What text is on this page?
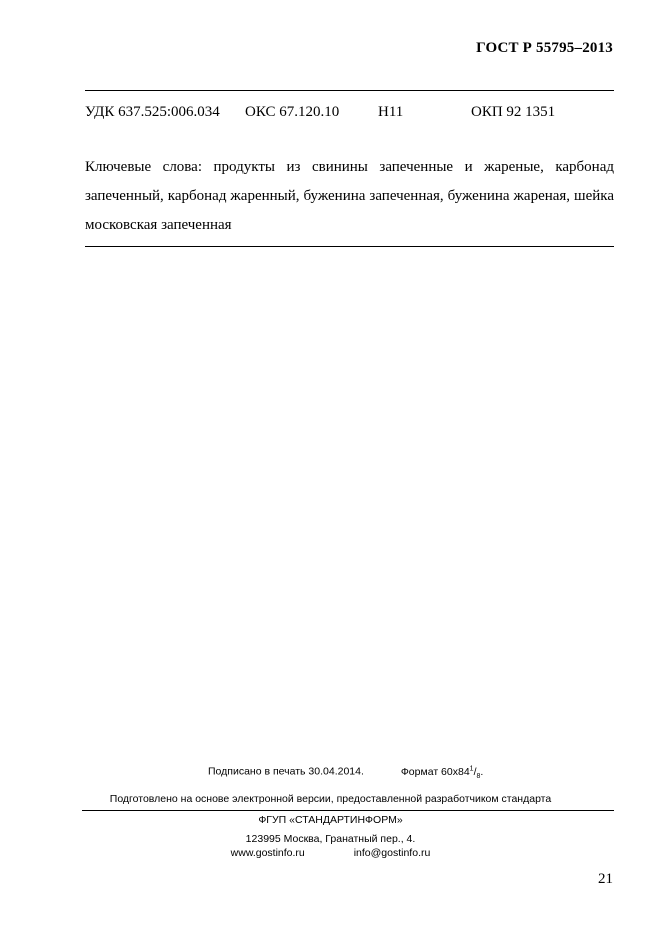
ГОСТ Р 55795–2013
УДК 637.525:006.034 ОКС 67.120.10	Н11	ОКП 92 1351
Ключевые слова: продукты из свинины запеченные и жареные, карбонад запеченный, карбонад жаренный, буженина запеченная, буженина жареная, шейка московская запеченная
Подписано в печать 30.04.2014.	Формат $60x84^1/_8$.
Подготовлено на основе электронной версии, предоставленной разработчиком стандарта
ФГУП «СТАНДАРТИНФОРМ»
123995 Москва, Гранатный пер., 4.
www.gostinfo.ru	info@gostinfo.ru
21
